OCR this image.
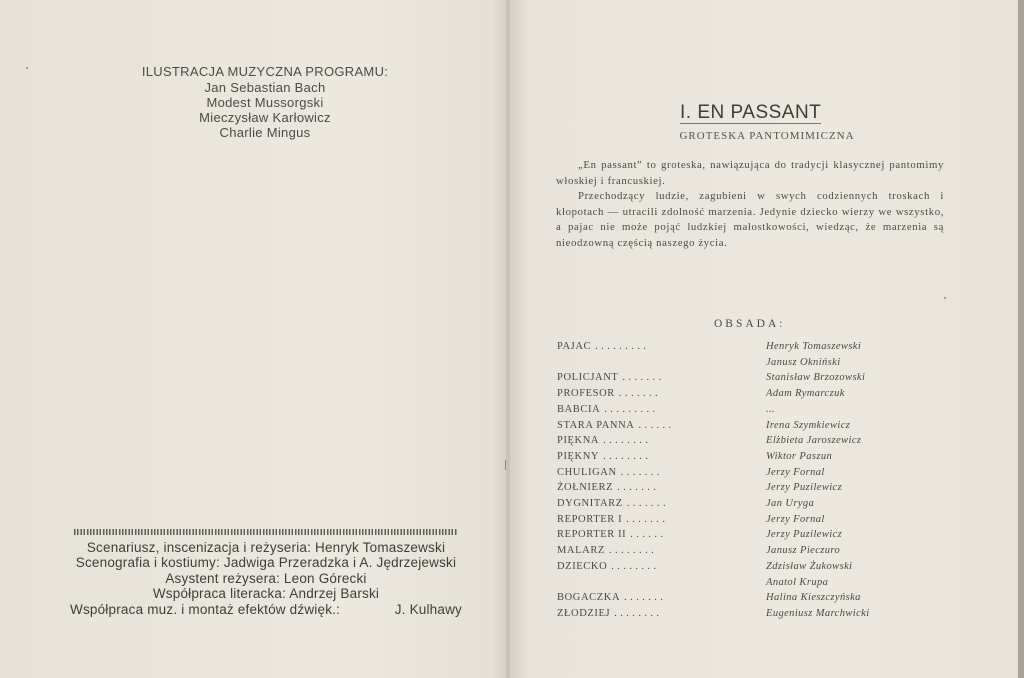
ILUSTRACJA MUZYCZNA PROGRAMU:
Jan Sebastian Bach
Modest Mussorgski
Mieczysław Karłowicz
Charlie Mingus
Scenariusz, inscenizacja i reżyseria: Henryk Tomaszewski
Scenografia i kostiumy: Jadwiga Przeradzka i A. Jędrzejewski
Asystent reżysera: Leon Górecki
Współpraca literacka: Andrzej Barski
Współpraca muz. i montaż efektów dźwięk.:	J. Kulhawy
I. EN PASSANT
GROTESKA PANTOMIMICZNA

„En passant” to groteska, nawiązująca do tradycji klasycznej pantomimy włoskiej i francuskiej.

Przechodzący ludzie, zagubieni w swych codziennych troskach i kłopotach — utracili zdolność marzenia. Jedynie dziecko wierzy we wszystko, a pajac nie może pojąć ludzkiej małostkowości, wiedząc, że marzenia są nieodzowną częścią naszego życia.

OBSADA:
PAJAC .........	Henryk Tomaszewski
Janusz Okniński
POLICJANT .......	Stanisław Brzozowski
PROFESOR .......	Adam Rymarczuk
BABCIA .........	...
STARA PANNA ......	Irena Szymkiewicz
PIĘKNA ........	Elżbieta Jaroszewicz
PIĘKNY ........	Wiktor Paszun
CHULIGAN .......	Jerzy Fornal
ŻOŁNIERZ .......	Jerzy Puzilewicz
DYGNITARZ .......	Jan Uryga
REPORTER I .......	Jerzy Fornal
REPORTER II ......	Jerzy Puzilewicz
MALARZ ........	Janusz Pieczuro
DZIECKO ........	Zdzisław Żukowski
Anatol Krupa
BOGACZKA .......	Halina Kieszczyńska
ZŁODZIEJ ........	Eugeniusz Marchwicki
